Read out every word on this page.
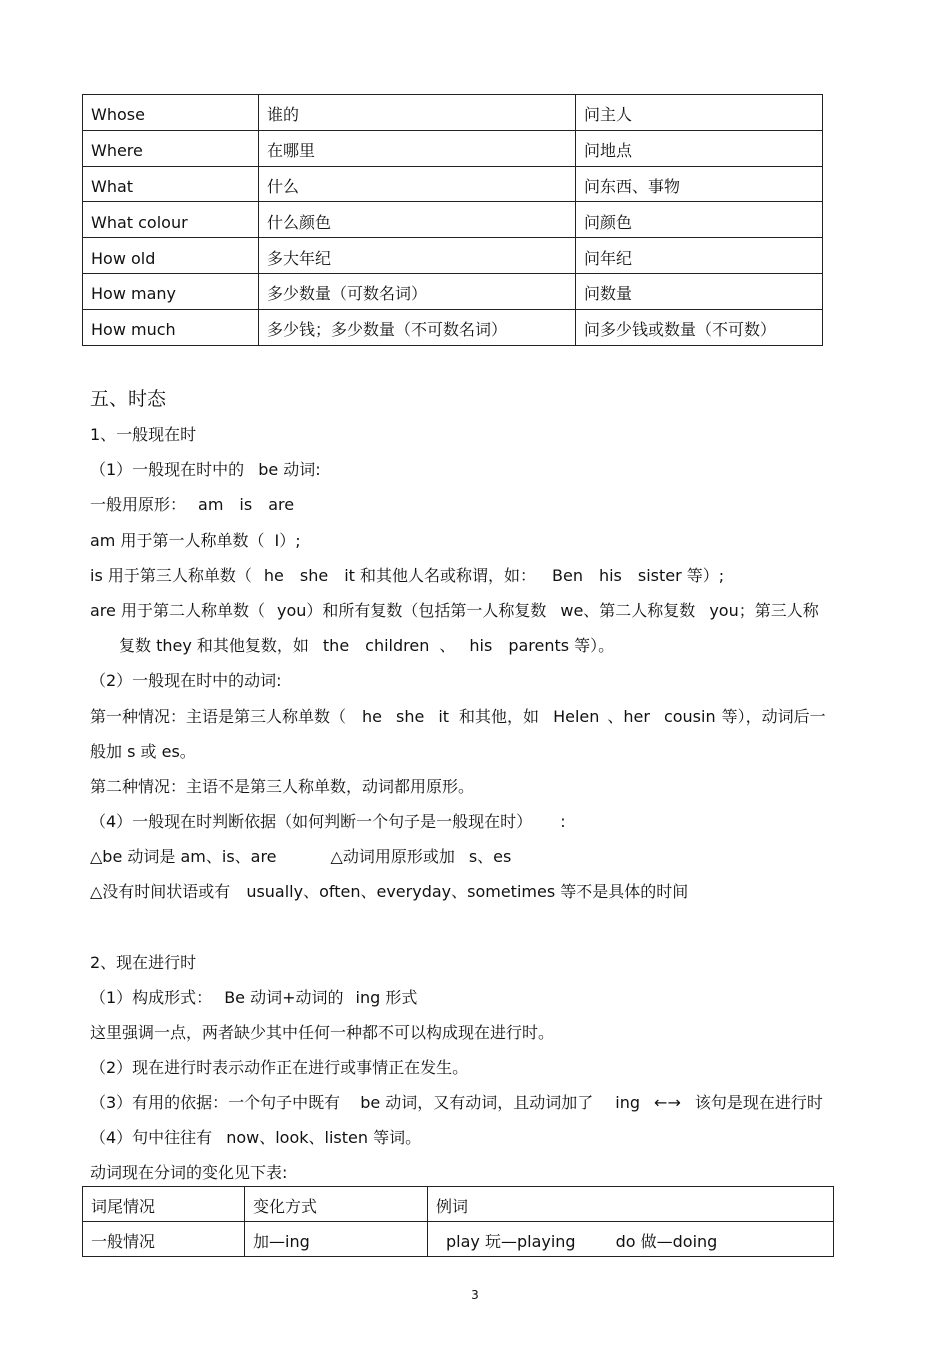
Whose	谁的	问主人
Where	在哪里	问地点
What	什么	问东西、事物
What colour	什么颜色	问颜色
How old	多大年纪	问年纪
How many	多少数量（可数名词）	问数量
How much	多少钱；多少数量（不可数名词）	问多少钱或数量（不可数）
五、时态
1、一般现在时
（1）一般现在时中的 be 动词:
一般用原形： am is are
am 用于第一人称单数（ I）;
is 用于第三人称单数（ he she it 和其他人名或称谓，如： Ben his sister 等）;
are 用于第二人称单数（ you）和所有复数（包括第一人称复数 we、第二人称复数 you；第三人称
复数 they 和其他复数，如 the children 、 his parents 等）。
（2）一般现在时中的动词:
第一种情况：主语是第三人称单数（ he she it 和其他，如 Helen 、her cousin 等），动词后一
般加 s 或 es。
第二种情况：主语不是第三人称单数，动词都用原形。
（4）一般现在时判断依据（如何判断一个句子是一般现在时） :
△be 动词是 am、is、are	△动词用原形或加 s、es
△没有时间状语或有 usually、often、everyday、sometimes 等不是具体的时间
2、现在进行时
（1）构成形式： Be 动词+动词的 ing 形式
这里强调一点，两者缺少其中任何一种都不可以构成现在进行时。
（2）现在进行时表示动作正在进行或事情正在发生。
（3）有用的依据：一个句子中既有 be 动词，又有动词，且动词加了 ing ←→ 该句是现在进行时
（4）句中往往有 now、look、listen 等词。
动词现在分词的变化见下表:
词尾情况	变化方式	例词
一般情况	加—ing	play 玩—playing do 做—doing
3
